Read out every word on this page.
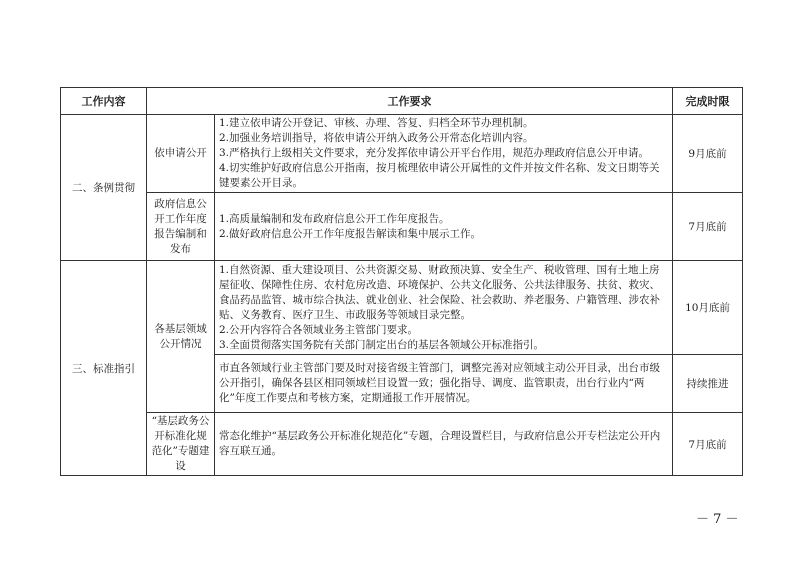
工作内容	工作要求		完成时限
二、条例贯彻	依申请公开	1.建立依申请公开登记、审核、办理、答复、归档全环节办理机制。
2.加强业务培训指导，将依申请公开纳入政务公开常态化培训内容。
3.严格执行上级相关文件要求，充分发挥依申请公开平台作用，规范办理政府信息公开申请。
4.切实维护好政府信息公开指南，按月梳理依申请公开属性的文件并按文件名称、发文日期等关键要素公开目录。	9月底前
	政府信息公开工作年度报告编制和发布	1.高质量编制和发布政府信息公开工作年度报告。
2.做好政府信息公开工作年度报告解读和集中展示工作。	7月底前
三、标准指引	各基层领域公开情况	1.自然资源、重大建设项目、公共资源交易、财政预决算、安全生产、税收管理、国有土地上房屋征收、保障性住房、农村危房改造、环境保护、公共文化服务、公共法律服务、扶贫、救灾、食品药品监管、城市综合执法、就业创业、社会保险、社会救助、养老服务、户籍管理、涉农补贴、义务教育、医疗卫生、市政服务等领域目录完整。
2.公开内容符合各领域业务主管部门要求。
3.全面贯彻落实国务院有关部门制定出台的基层各领域公开标准指引。	10月底前

		市直各领域行业主管部门要及时对接省级主管部门，调整完善对应领域主动公开目录，出台市级公开指引，确保各县区相同领域栏目设置一致；强化指导、调度、监管职责，出台行业内“两化”年度工作要点和考核方案，定期通报工作开展情况。	持续推进
	“基层政务公开标准化规范化”专题建设	常态化维护“基层政务公开标准化规范化”专题，合理设置栏目，与政府信息公开专栏法定公开内容互联互通。	7月底前
－ 7 －
